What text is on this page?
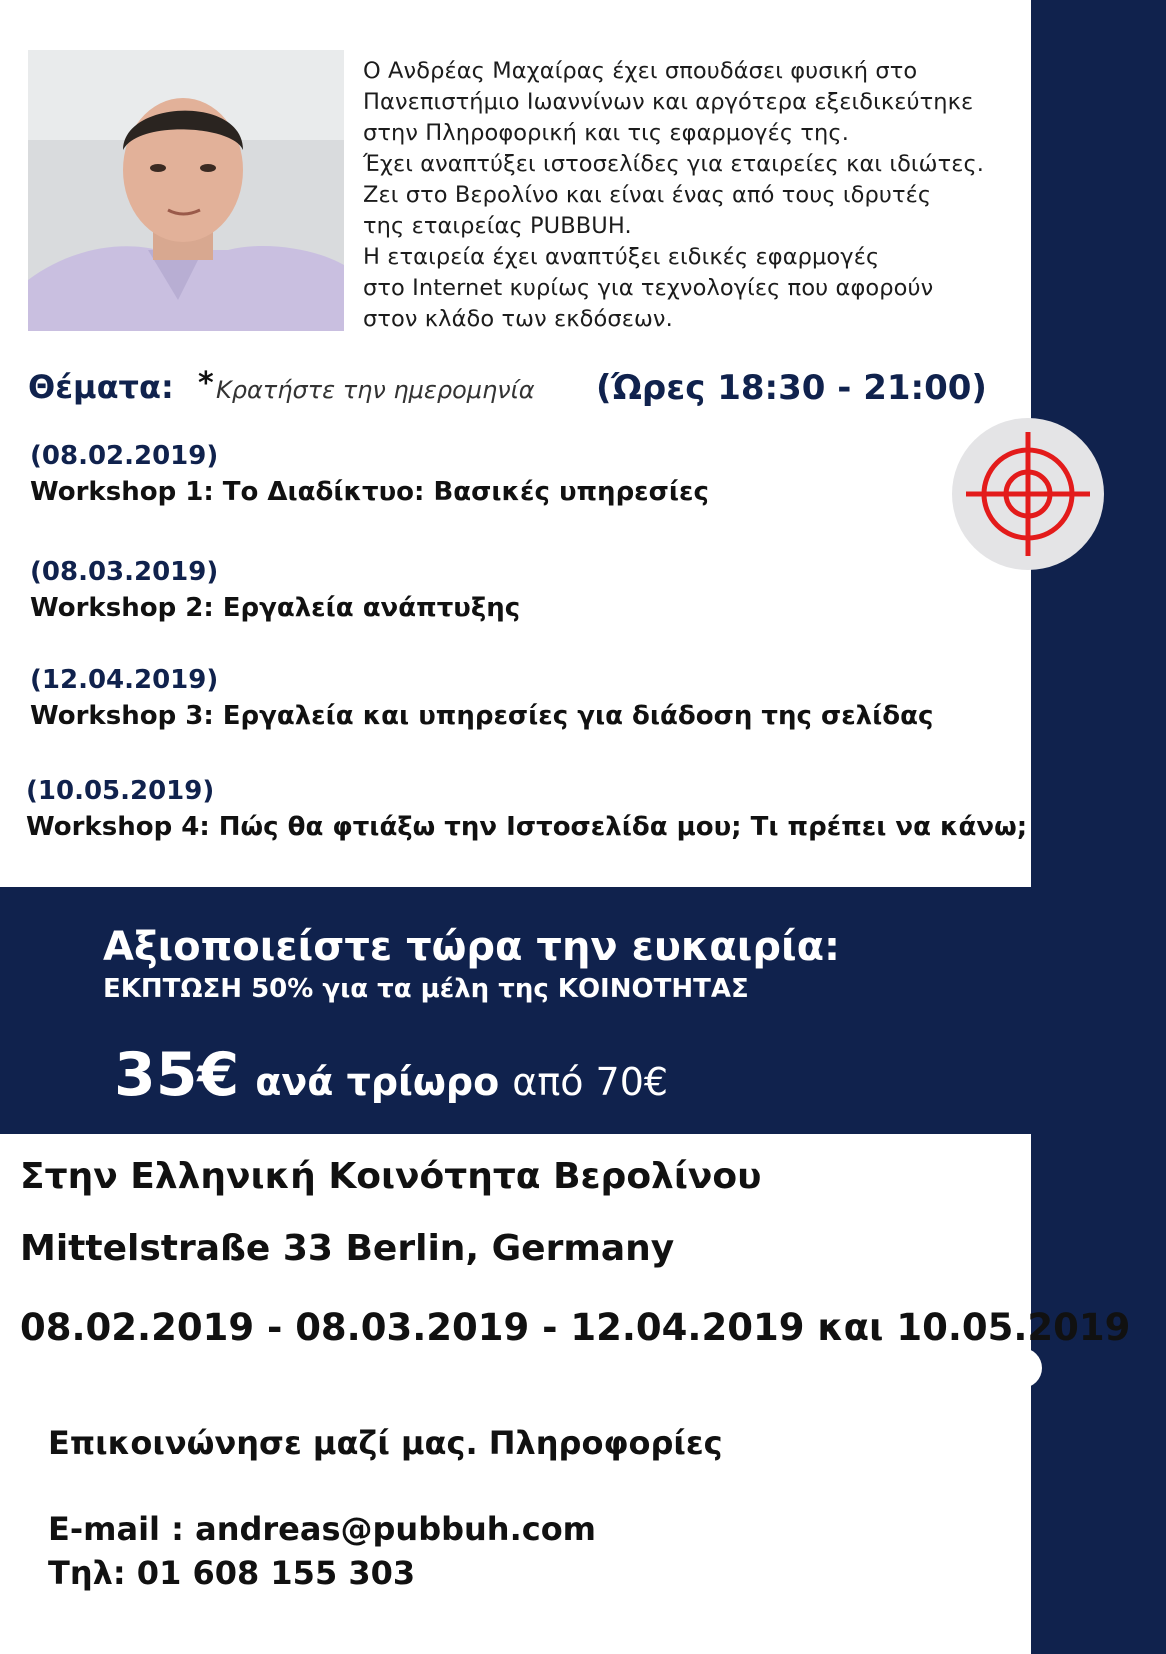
Ο Ανδρέας Μαχαίρας έχει σπουδάσει φυσική στο
Πανεπιστήμιο Ιωαννίνων και αργότερα εξειδικεύτηκε
στην Πληροφορική και τις εφαρμογές της.
Έχει αναπτύξει ιστοσελίδες για εταιρείες και ιδιώτες.
Ζει στο Βερολίνο και είναι ένας από τους ιδρυτές
της εταιρείας PUBBUH.
Η εταιρεία έχει αναπτύξει ειδικές εφαρμογές
στο Internet κυρίως για τεχνολογίες που αφορούν
στον κλάδο των εκδόσεων.
Θέματα: * Κρατήστε την ημερομηνία (Ώρες 18:30 - 21:00)
(08.02.2019)
Workshop 1: Το Διαδίκτυο: Βασικές υπηρεσίες
(08.03.2019)
Workshop 2: Εργαλεία ανάπτυξης
(12.04.2019)
Workshop 3: Εργαλεία και υπηρεσίες για διάδοση της σελίδας
(10.05.2019)
Workshop 4: Πώς θα φτιάξω την Ιστοσελίδα μου; Τι πρέπει να κάνω;
Αξιοποιείστε τώρα την ευκαιρία:
ΕΚΠΤΩΣΗ 50% για τα μέλη της ΚΟΙΝΟΤΗΤΑΣ
35€ ανά τρίωρο από 70€
Στην Ελληνική Κοινότητα Βερολίνου
Mittelstraße 33 Berlin, Germany
08.02.2019 - 08.03.2019 - 12.04.2019 και 10.05.2019
Επικοινώνησε μαζί μας. Πληροφορίες
E-mail : andreas@pubbuh.com
Τηλ: 01 608 155 303
